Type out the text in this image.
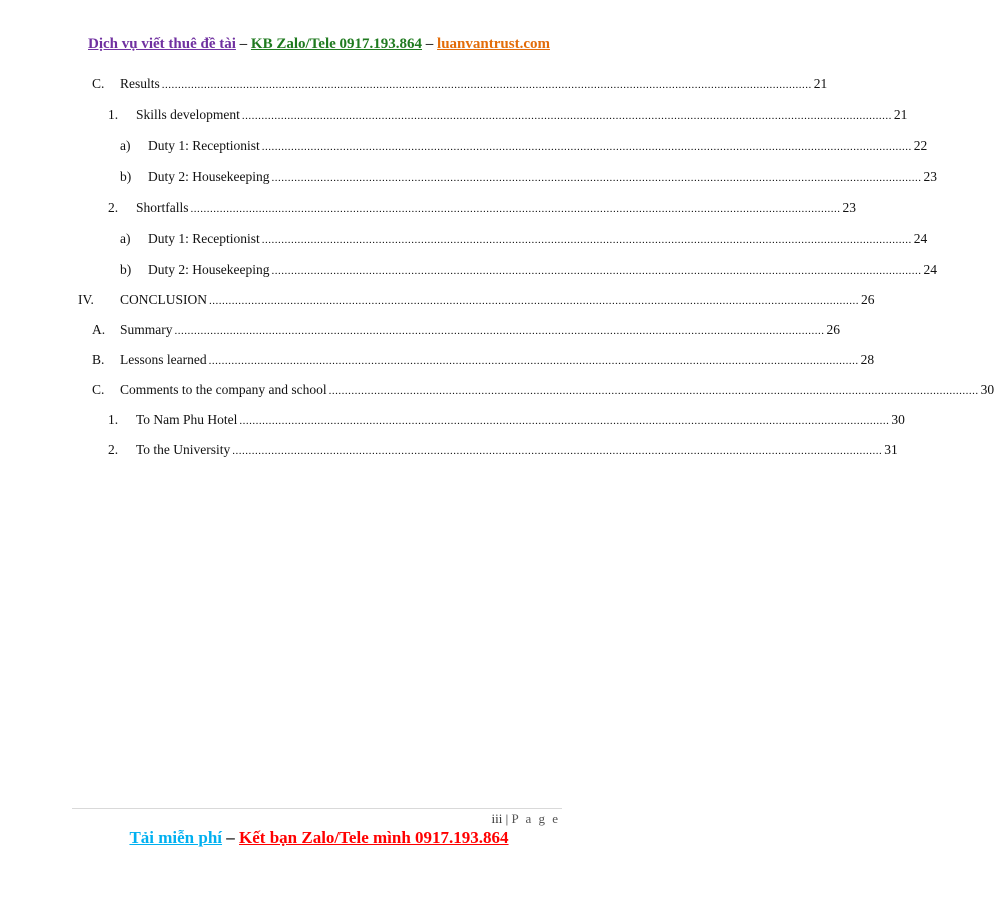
Dịch vụ viết thuê đề tài – KB Zalo/Tele 0917.193.864 – luanvantrust.com
C. Results ........................................................................................................................................................................................................ 21
1. Skills development ........................................................................................................................................................................................................ 21
a) Duty 1: Receptionist ........................................................................................................................................................................................................ 22
b) Duty 2: Housekeeping ........................................................................................................................................................................................................ 23
2. Shortfalls ........................................................................................................................................................................................................ 23
a) Duty 1: Receptionist ........................................................................................................................................................................................................ 24
b) Duty 2: Housekeeping ........................................................................................................................................................................................................ 24
IV. CONCLUSION ........................................................................................................................................................................................................ 26
A. Summary ........................................................................................................................................................................................................ 26
B. Lessons learned ........................................................................................................................................................................................................ 28
C. Comments to the company and school ........................................................................................................................................................................................................ 30
1. To Nam Phu Hotel ........................................................................................................................................................................................................ 30
2. To the University ........................................................................................................................................................................................................ 31
iii | P a g e
Tải miễn phí – Kết bạn Zalo/Tele mình 0917.193.864
